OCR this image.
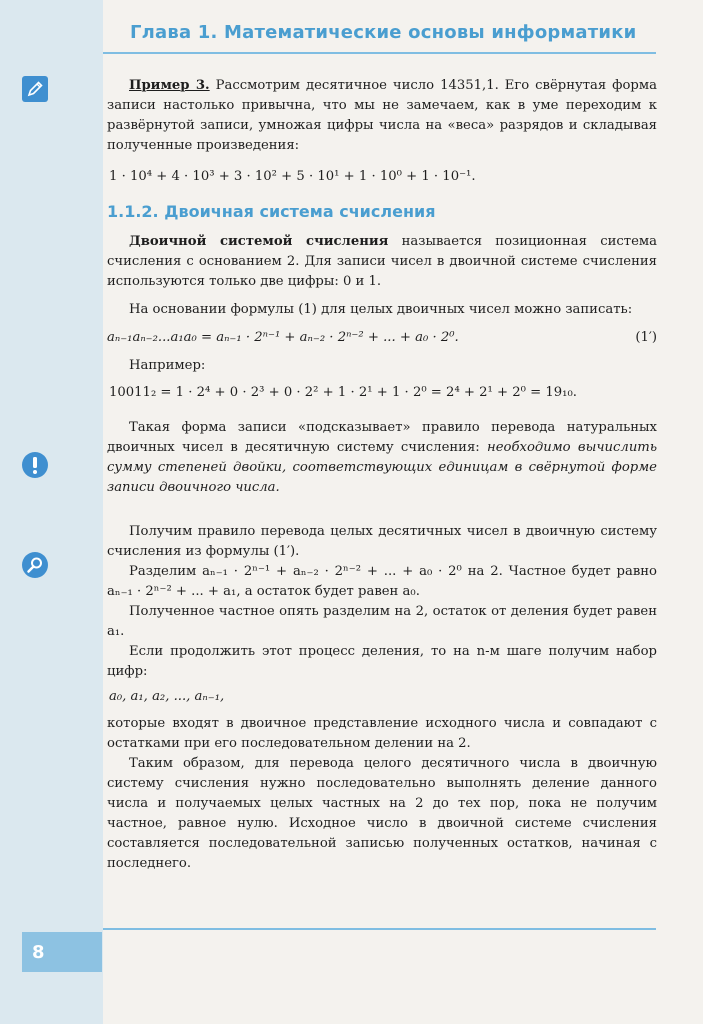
Глава 1. Математические основы информатики

Пример 3. Рассмотрим десятичное число 14351,1. Его свёрнутая форма записи настолько привычна, что мы не замечаем, как в уме переходим к развёрнутой записи, умножая цифры числа на «веса» разрядов и складывая полученные произведения:

1 · 10⁴ + 4 · 10³ + 3 · 10² + 5 · 10¹ + 1 · 10⁰ + 1 · 10⁻¹.
1.1.2. Двоичная система счисления

Двоичной системой счисления называется позиционная система счисления с основанием 2. Для записи чисел в двоичной системе счисления используются только две цифры: 0 и 1.

На основании формулы (1) для целых двоичных чисел можно записать:

aₙ₋₁aₙ₋₂...a₁a₀ = aₙ₋₁ · 2ⁿ⁻¹ + aₙ₋₂ · 2ⁿ⁻² + ... + a₀ · 2⁰.	(1′)

Например:

10011₂ = 1 · 2⁴ + 0 · 2³ + 0 · 2² + 1 · 2¹ + 1 · 2⁰ = 2⁴ + 2¹ + 2⁰ = 19₁₀.

Такая форма записи «подсказывает» правило перевода натуральных двоичных чисел в десятичную систему счисления: необходимо вычислить сумму степеней двойки, соответствующих единицам в свёрнутой форме записи двоичного числа.

Получим правило перевода целых десятичных чисел в двоичную систему счисления из формулы (1′).

Разделим aₙ₋₁ · 2ⁿ⁻¹ + aₙ₋₂ · 2ⁿ⁻² + ... + a₀ · 2⁰ на 2. Частное будет равно aₙ₋₁ · 2ⁿ⁻² + ... + a₁, а остаток будет равен a₀.

Полученное частное опять разделим на 2, остаток от деления будет равен a₁.

Если продолжить этот процесс деления, то на n-м шаге получим набор цифр:

a₀, a₁, a₂, ..., aₙ₋₁,

которые входят в двоичное представление исходного числа и совпадают с остатками при его последовательном делении на 2.

Таким образом, для перевода целого десятичного числа в двоичную систему счисления нужно последовательно выполнять деление данного числа и получаемых целых частных на 2 до тех пор, пока не получим частное, равное нулю. Исходное число в двоичной системе счисления составляется последовательной записью полученных остатков, начиная с последнего.

8
